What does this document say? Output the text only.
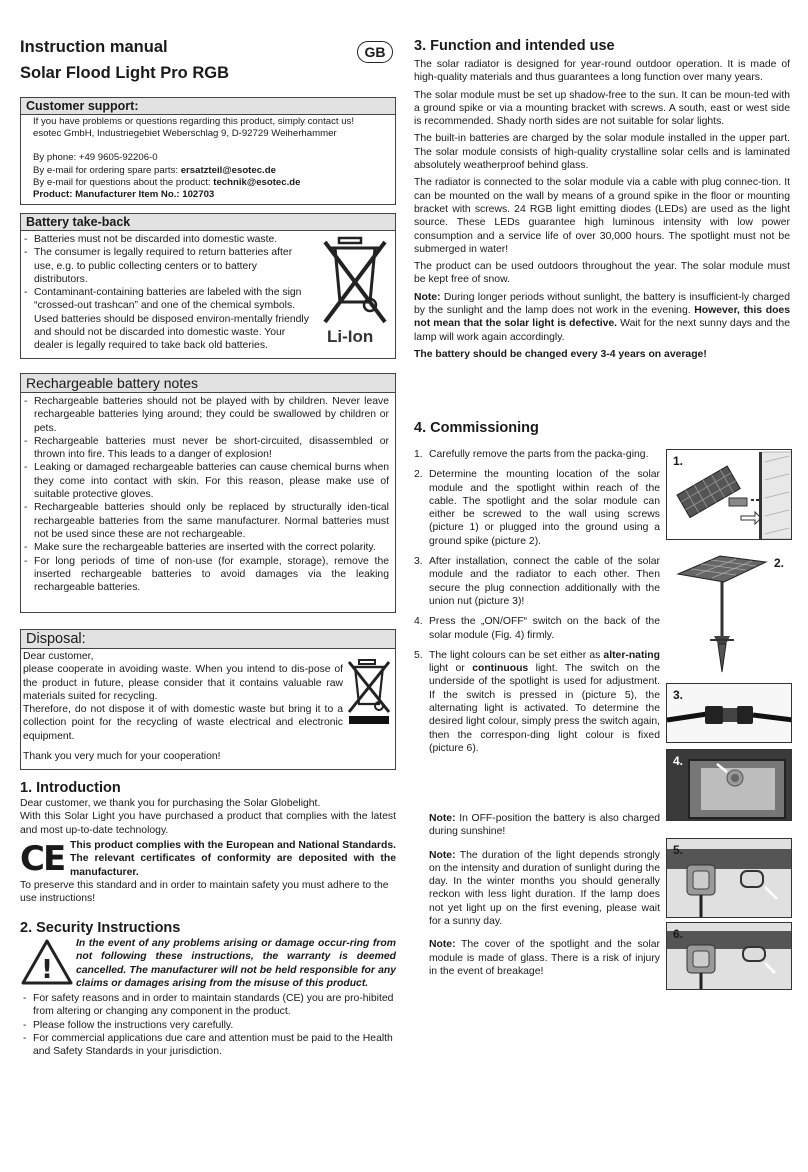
Instruction manual
Solar Flood Light Pro RGB
GB
Customer support:
If you have problems or questions regarding this product, simply contact us!
esotec GmbH, Industriegebiet Weberschlag 9, D-92729 Weiherhammer
By phone: +49 9605-92206-0
By e-mail for ordering spare parts: ersatzteil@esotec.de
By e-mail for questions about the product: technik@esotec.de
Product: Manufacturer Item No.: 102703
Battery take-back
- Batteries must not be discarded into domestic waste.
- The consumer is legally required to return batteries after use, e.g. to public collecting centers or to battery distributors.
- Contaminant-containing batteries are labeled with the sign “crossed-out trashcan” and one of the chemical symbols. Used batteries should be disposed environ-mentally friendly and should not be discarded into domestic waste. Your dealer is legally required to take back old batteries.	Li-Ion
Rechargeable battery notes
- Rechargeable batteries should not be played with by children. Never leave rechargeable batteries lying around; they could be swallowed by children or pets.
- Rechargeable batteries must never be short-circuited, disassembled or thrown into fire. This leads to a danger of explosion!
- Leaking or damaged rechargeable batteries can cause chemical burns when they come into contact with skin. For this reason, please make use of suitable protective gloves.
- Rechargeable batteries should only be replaced by structurally iden-tical rechargeable batteries from the same manufacturer. Normal batteries must not be used since these are not rechargeable.
- Make sure the rechargeable batteries are inserted with the correct polarity.
- For long periods of time of non-use (for example, storage), remove the inserted rechargeable batteries to avoid damages via the leaking rechargeable batteries.
Disposal:

Dear customer,

please cooperate in avoiding waste. When you intend to dis-pose of the product in future, please consider that it contains valuable raw materials suited for recycling.

Therefore, do not dispose it of with domestic waste but bring it to a collection point for the recycling of waste electrical and electronic equipment.

Thank you very much for your cooperation!

1. Introduction

Dear customer, we thank you for purchasing the Solar Globelight.

With this Solar Light you have purchased a product that complies with the latest and most up-to-date technology.

CE This product complies with the European and National Standards. The relevant certificates of conformity are deposited with the manufacturer.

To preserve this standard and in order to maintain safety you must adhere to the use instructions!

2. Security Instructions
!

In the event of any problems arising or damage occur-ring from not following these instructions, the warranty is deemed cancelled. The manufacturer will not be held responsible for any claims or damages arising from the misuse of this product.

- For safety reasons and in order to maintain standards (CE) you are pro-hibited from altering or changing any component in the product.
- Please follow the instructions very carefully.
- For commercial applications due care and attention must be paid to the Health and Safety Standards in your jurisdiction.
3. Function and intended use

The solar radiator is designed for year-round outdoor operation. It is made of high-quality materials and thus guarantees a long function over many years.

The solar module must be set up shadow-free to the sun. It can be moun-ted with a ground spike or via a mounting bracket with screws. A south, east or west side is recommended. Shady north sides are not suitable for solar lights.

The built-in batteries are charged by the solar module installed in the upper part. The solar module consists of high-quality crystalline solar cells and is laminated absolutely weatherproof behind glass.

The radiator is connected to the solar module via a cable with plug connec-tion. It can be mounted on the wall by means of a ground spike in the floor or mounting bracket with screws. 24 RGB light emitting diodes (LEDs) are used as the light source. These LEDs guarantee high luminous intensity with low power consumption and a service life of over 30,000 hours. The spotlight must not be submerged in water!

The product can be used outdoors throughout the year. The solar module must be kept free of snow.

Note: During longer periods without sunlight, the battery is insufficient-ly charged by the sunlight and the lamp does not work in the evening. However, this does not mean that the solar light is defective. Wait for the next sunny days and the lamp will work again accordingly.

The battery should be changed every 3-4 years on average!

4. Commissioning
1. Carefully remove the parts from the packa-ging.
2. Determine the mounting location of the solar module and the spotlight within reach of the cable. The spotlight and the solar module can either be screwed to the wall using screws (picture 1) or plugged into the ground using a ground spike (picture 2).
3. After installation, connect the cable of the solar module and the radiator to each other. Then secure the plug connection additionally with the union nut (picture 3)!
4. Press the „ON/OFF“ switch on the back of the solar module (Fig. 4) firmly.
5. The light colours can be set either as alter-nating light or continuous light. The switch on the underside of the spotlight is used for adjustment. If the switch is pressed in (picture 5), the alternating light is activated. To determine the desired light colour, simply press the switch again, then the correspon-ding light colour is fixed (picture 6).

Note: In OFF-position the battery is also charged during sunshine!

Note: The duration of the light depends strongly on the intensity and duration of sunlight during the day. In the winter months you should generally reckon with less light duration. If the lamp does not yet light up on the first evening, please wait for a sunny day.

Note: The cover of the spotlight and the solar module is made of glass. There is a risk of injury in the event of breakage!

1.
2.
3.
4.
5.
6.
